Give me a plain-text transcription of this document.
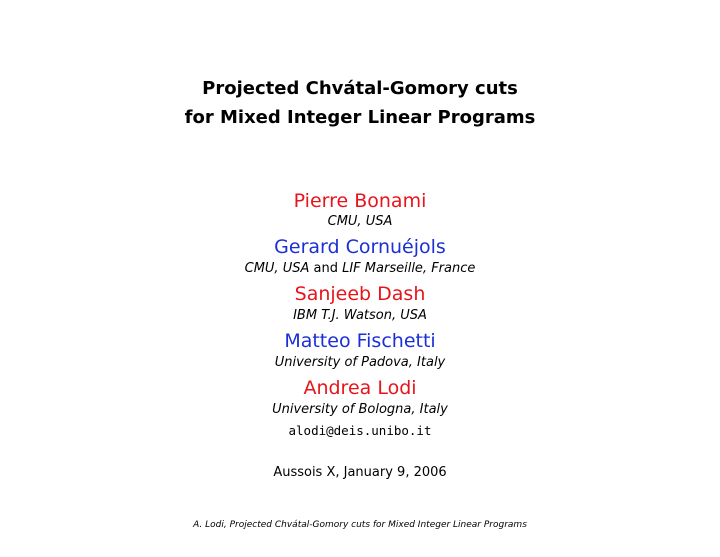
Projected Chvátal-Gomory cuts
for Mixed Integer Linear Programs
Pierre Bonami
CMU, USA
Gerard Cornuéjols
CMU, USA and LIF Marseille, France
Sanjeeb Dash
IBM T.J. Watson, USA
Matteo Fischetti
University of Padova, Italy
Andrea Lodi
University of Bologna, Italy
alodi@deis.unibo.it
Aussois X, January 9, 2006
A. Lodi, Projected Chvátal-Gomory cuts for Mixed Integer Linear Programs
